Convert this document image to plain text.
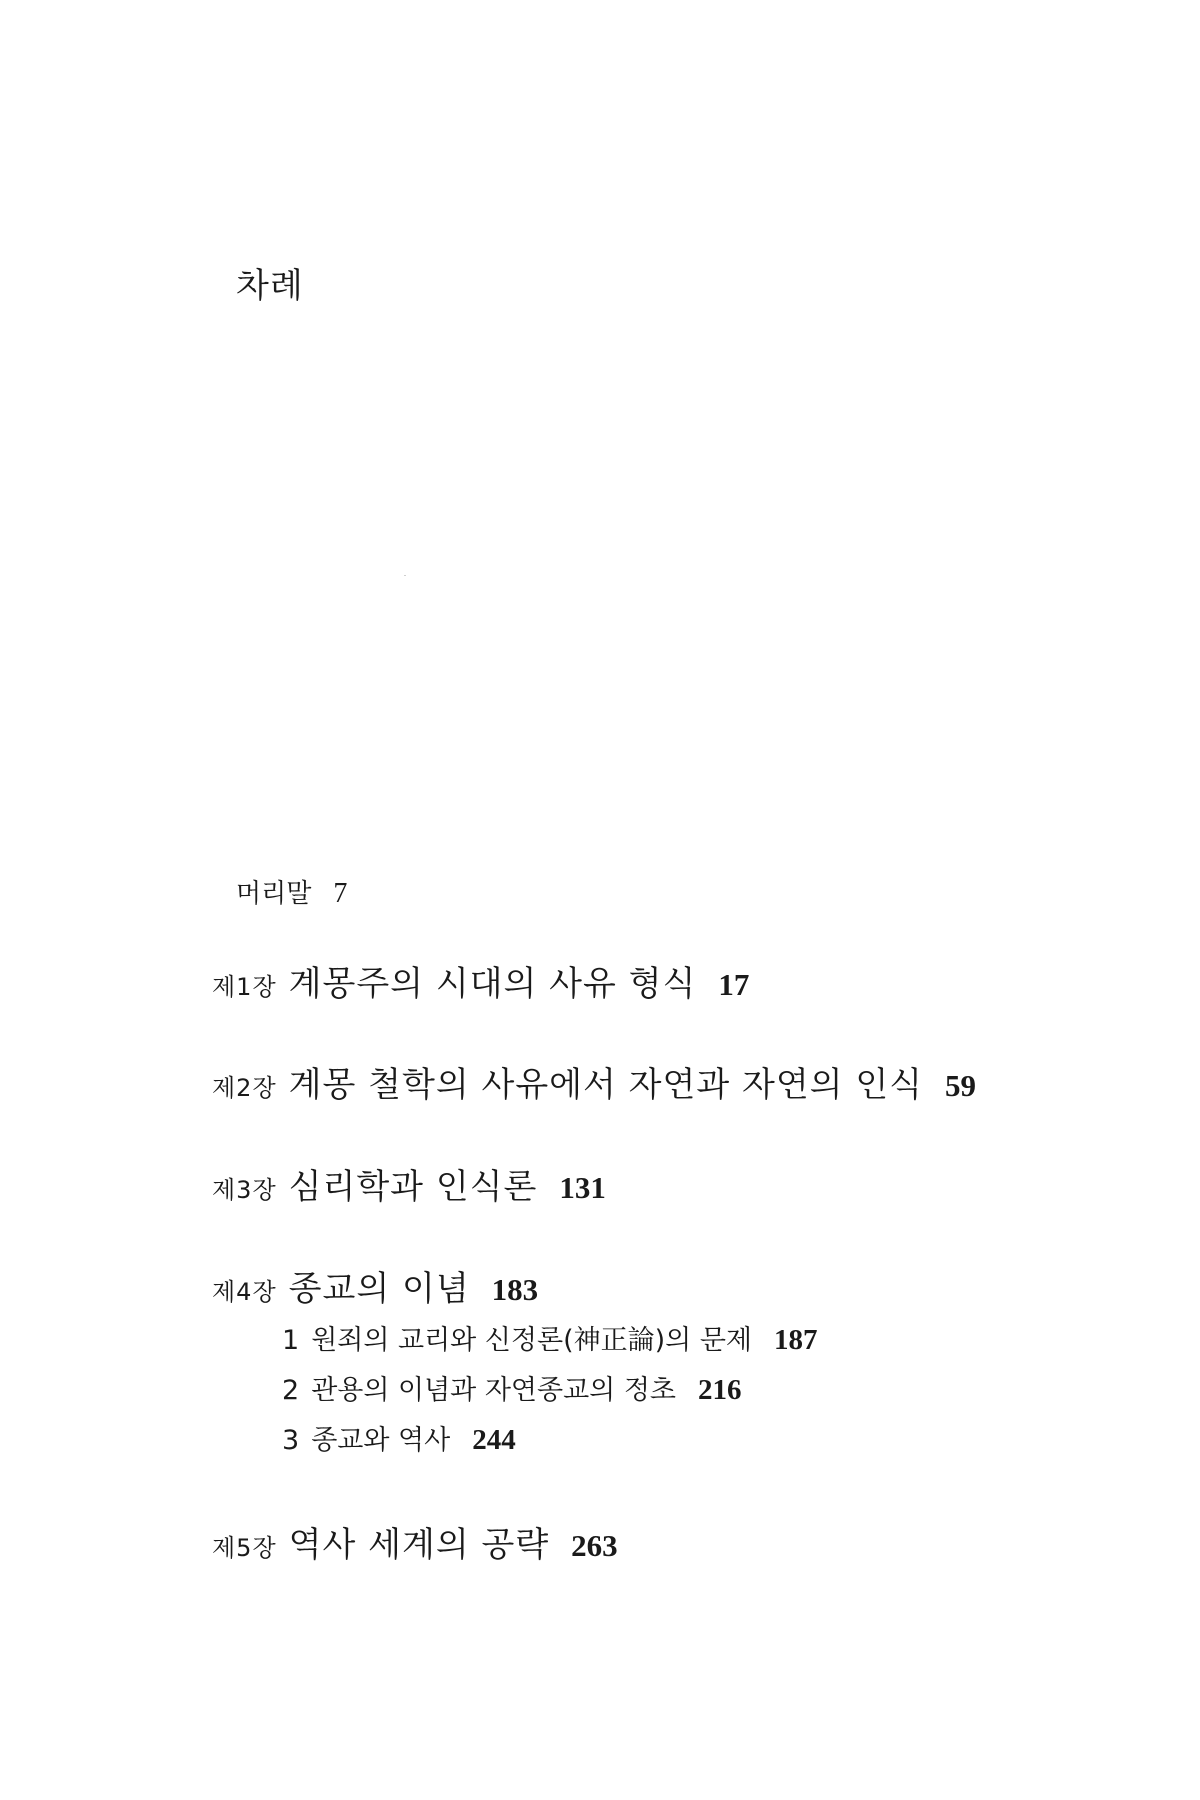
차례
머리말 7
제1장 계몽주의 시대의 사유 형식 17
제2장 계몽 철학의 사유에서 자연과 자연의 인식 59
제3장 심리학과 인식론 131
제4장 종교의 이념 183
1 원죄의 교리와 신정론(神正論)의 문제 187
2 관용의 이념과 자연종교의 정초 216
3 종교와 역사 244
제5장 역사 세계의 공략 263
